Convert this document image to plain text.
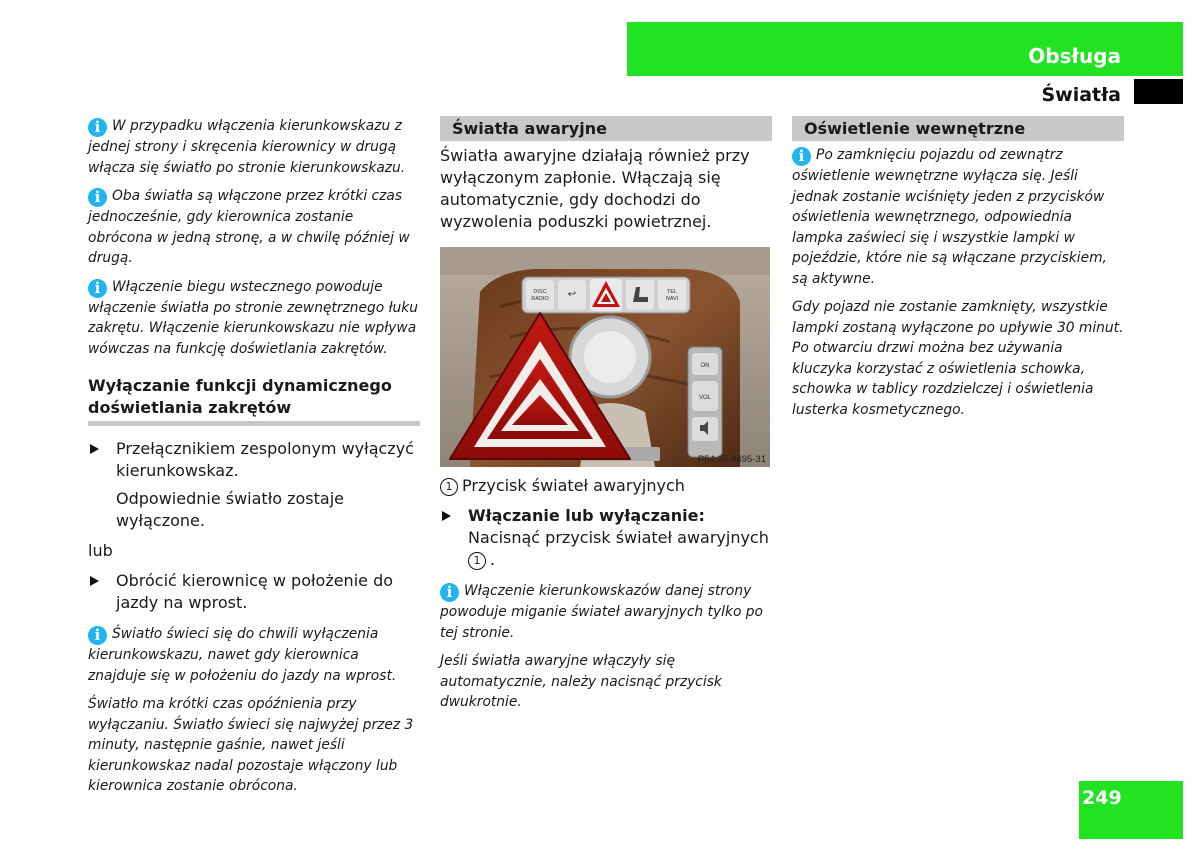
Obsługa
Światła

i W przypadku włączenia kierunkowskazu z jednej strony i skręcenia kierownicy w drugą włącza się światło po stronie kierunkowskazu.

i Oba światła są włączone przez krótki czas jednocześnie, gdy kierownica zostanie obrócona w jedną stronę, a w chwilę później w drugą.

i Włączenie biegu wstecznego powoduje włączenie światła po stronie zewnętrznego łuku zakrętu. Włączenie kierunkowskazu nie wpływa wówczas na funkcję doświetlania zakrętów.

Wyłączanie funkcji dynamicznego doświetlania zakrętów
Przełącznikiem zespolonym wyłączyć kierunkowskaz.
Odpowiednie światło zostaje wyłączone.
lub
Obrócić kierownicę w położenie do jazdy na wprost.

i Światło świeci się do chwili wyłączenia kierunkowskazu, nawet gdy kierownica znajduje się w położeniu do jazdy na wprost.

Światło ma krótki czas opóźnienia przy wyłączaniu. Światło świeci się najwyżej przez 3 minuty, następnie gaśnie, nawet jeśli kierunkowskaz nadal pozostaje włączony lub kierownica zostanie obrócona.

Światła awaryjne

Światła awaryjne działają również przy wyłączonym zapłonie. Włączają się automatycznie, gdy dochodzi do wyzwolenia poduszki powietrznej.

DISC
RADIO ↩	TEL
NAVI
ON
VOL
P54.25-4495-31

1 Przycisk świateł awaryjnych

Włączanie lub wyłączanie: Nacisnąć przycisk świateł awaryjnych 1 .

i Włączenie kierunkowskazów danej strony powoduje miganie świateł awaryjnych tylko po tej stronie.

Jeśli światła awaryjne włączyły się automatycznie, należy nacisnąć przycisk dwukrotnie.

Oświetlenie wewnętrzne

i Po zamknięciu pojazdu od zewnątrz oświetlenie wewnętrzne wyłącza się. Jeśli jednak zostanie wciśnięty jeden z przycisków oświetlenia wewnętrznego, odpowiednia lampka zaświeci się i wszystkie lampki w pojeździe, które nie są włączane przyciskiem, są aktywne.

Gdy pojazd nie zostanie zamknięty, wszystkie lampki zostaną wyłączone po upływie 30 minut. Po otwarciu drzwi można bez używania kluczyka korzystać z oświetlenia schowka, schowka w tablicy rozdzielczej i oświetlenia lusterka kosmetycznego.

249
